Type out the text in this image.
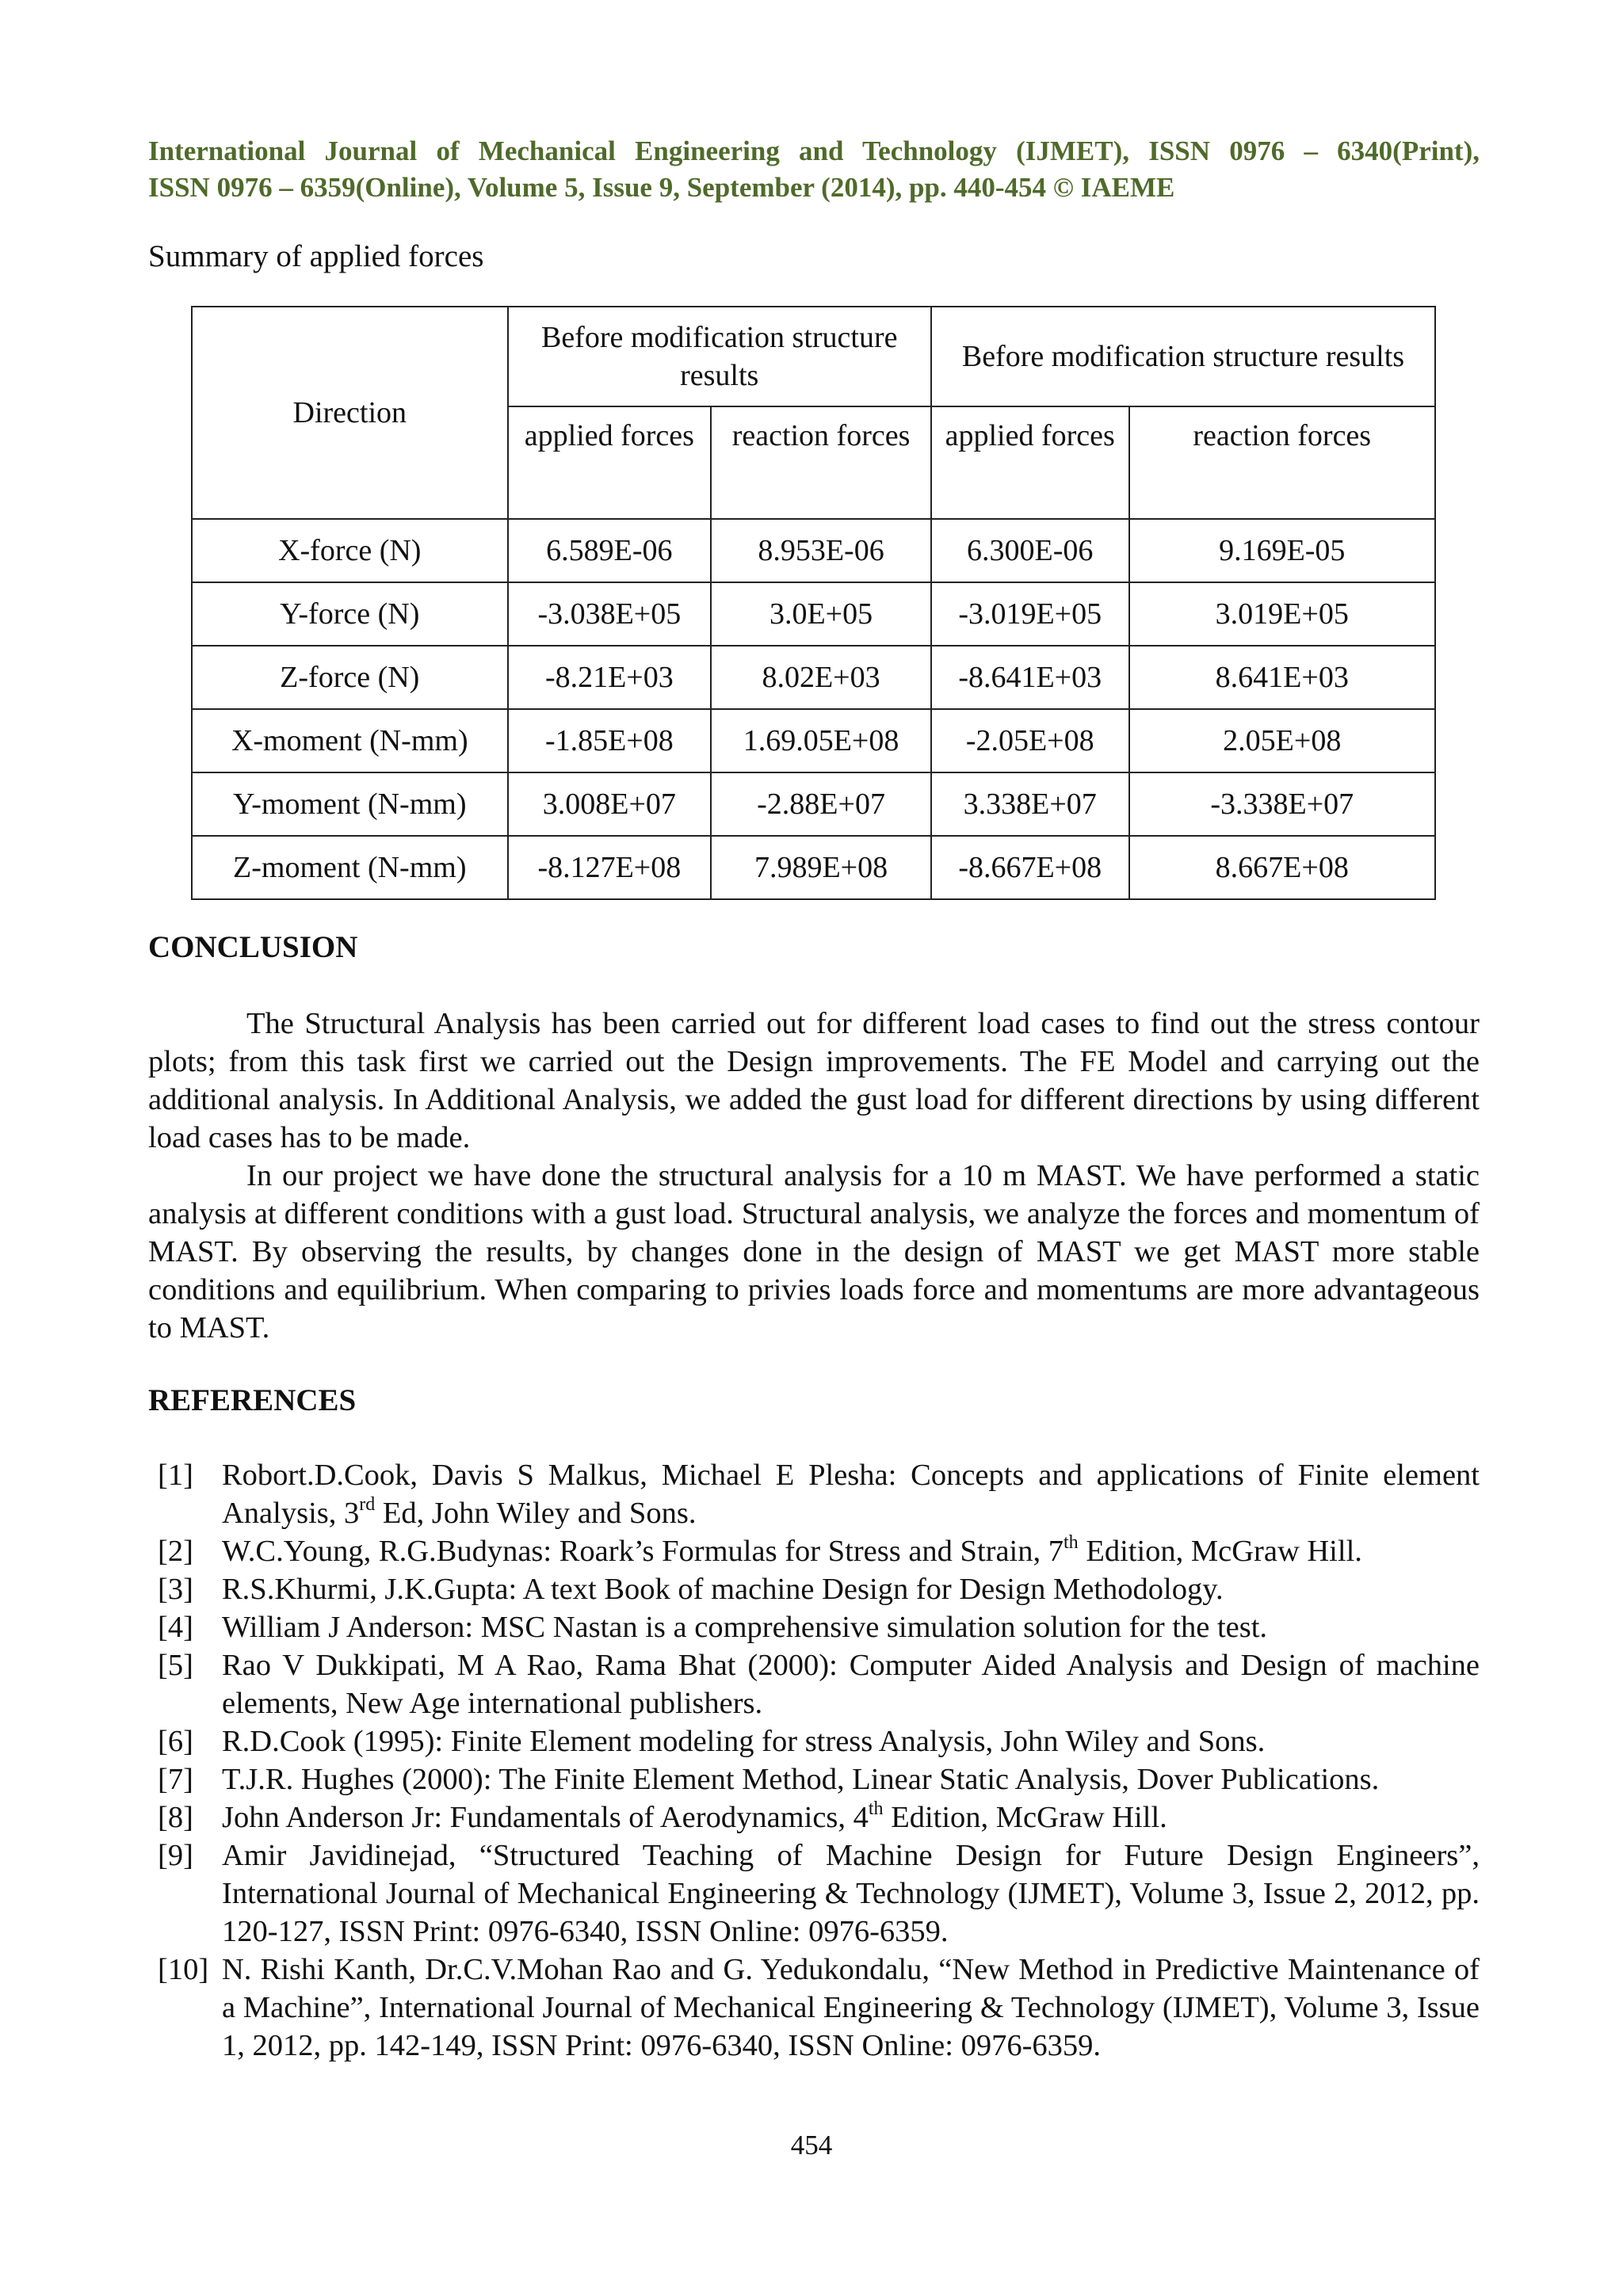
International Journal of Mechanical Engineering and Technology (IJMET), ISSN 0976 – 6340(Print),
ISSN 0976 – 6359(Online), Volume 5, Issue 9, September (2014), pp. 440-454 © IAEME
Summary of applied forces
Direction	Before modification structure results		Before modification structure results	
	applied forces	reaction forces	applied forces	reaction forces
X-force (N)	6.589E-06	8.953E-06	6.300E-06	9.169E-05
Y-force (N)	-3.038E+05	3.0E+05	-3.019E+05	3.019E+05
Z-force (N)	-8.21E+03	8.02E+03	-8.641E+03	8.641E+03
X-moment (N-mm)	-1.85E+08	1.69.05E+08	-2.05E+08	2.05E+08
Y-moment (N-mm)	3.008E+07	-2.88E+07	3.338E+07	-3.338E+07
Z-moment (N-mm)	-8.127E+08	7.989E+08	-8.667E+08	8.667E+08
CONCLUSION

The Structural Analysis has been carried out for different load cases to find out the stress contour plots; from this task first we carried out the Design improvements. The FE Model and carrying out the additional analysis. In Additional Analysis, we added the gust load for different directions by using different load cases has to be made.

In our project we have done the structural analysis for a 10 m MAST. We have performed a static analysis at different conditions with a gust load. Structural analysis, we analyze the forces and momentum of MAST. By observing the results, by changes done in the design of MAST we get MAST more stable conditions and equilibrium. When comparing to privies loads force and momentums are more advantageous to MAST.

REFERENCES
[1] Robort.D.Cook, Davis S Malkus, Michael E Plesha: Concepts and applications of Finite element Analysis, 3rd Ed, John Wiley and Sons.
[2] W.C.Young, R.G.Budynas: Roark’s Formulas for Stress and Strain, 7th Edition, McGraw Hill.
[3] R.S.Khurmi, J.K.Gupta: A text Book of machine Design for Design Methodology.
[4] William J Anderson: MSC Nastan is a comprehensive simulation solution for the test.
[5] Rao V Dukkipati, M A Rao, Rama Bhat (2000): Computer Aided Analysis and Design of machine elements, New Age international publishers.
[6] R.D.Cook (1995): Finite Element modeling for stress Analysis, John Wiley and Sons.
[7] T.J.R. Hughes (2000): The Finite Element Method, Linear Static Analysis, Dover Publications.
[8] John Anderson Jr: Fundamentals of Aerodynamics, 4th Edition, McGraw Hill.
[9] Amir Javidinejad, “Structured Teaching of Machine Design for Future Design Engineers”, International Journal of Mechanical Engineering & Technology (IJMET), Volume 3, Issue 2, 2012, pp. 120-127, ISSN Print: 0976-6340, ISSN Online: 0976-6359.
[10] N. Rishi Kanth, Dr.C.V.Mohan Rao and G. Yedukondalu, “New Method in Predictive Maintenance of a Machine”, International Journal of Mechanical Engineering & Technology (IJMET), Volume 3, Issue 1, 2012, pp. 142-149, ISSN Print: 0976-6340, ISSN Online: 0976-6359.
454
